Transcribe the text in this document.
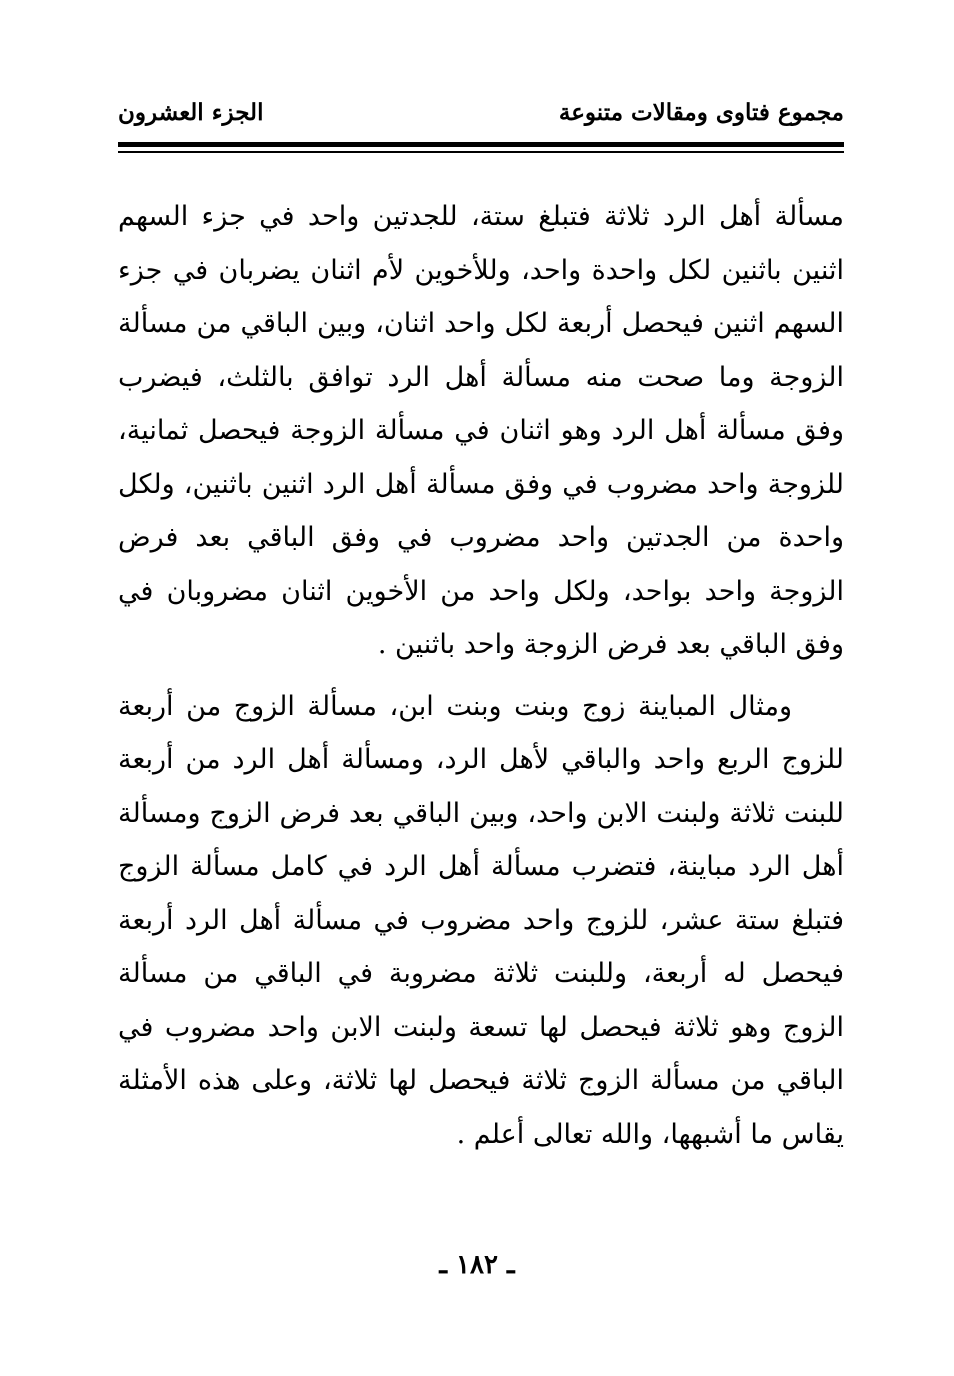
مجموع فتاوى ومقالات متنوعة
الجزء العشرون

مسألة أهل الرد ثلاثة فتبلغ ستة، للجدتين واحد في جزء السهم اثنين باثنين لكل واحدة واحد، وللأخوين لأم اثنان يضربان في جزء السهم اثنين فيحصل أربعة لكل واحد اثنان، وبين الباقي من مسألة الزوجة وما صحت منه مسألة أهل الرد توافق بالثلث، فيضرب وفق مسألة أهل الرد وهو اثنان في مسألة الزوجة فيحصل ثمانية، للزوجة واحد مضروب في وفق مسألة أهل الرد اثنين باثنين، ولكل واحدة من الجدتين واحد مضروب في وفق الباقي بعد فرض الزوجة واحد بواحد، ولكل واحد من الأخوين اثنان مضروبان في وفق الباقي بعد فرض الزوجة واحد باثنين .

ومثال المباينة زوج وبنت وبنت ابن، مسألة الزوج من أربعة للزوج الربع واحد والباقي لأهل الرد، ومسألة أهل الرد من أربعة للبنت ثلاثة ولبنت الابن واحد، وبين الباقي بعد فرض الزوج ومسألة أهل الرد مباينة، فتضرب مسألة أهل الرد في كامل مسألة الزوج فتبلغ ستة عشر، للزوج واحد مضروب في مسألة أهل الرد أربعة فيحصل له أربعة، وللبنت ثلاثة مضروبة في الباقي من مسألة الزوج وهو ثلاثة فيحصل لها تسعة ولبنت الابن واحد مضروب في الباقي من مسألة الزوج ثلاثة فيحصل لها ثلاثة، وعلى هذه الأمثلة يقاس ما أشبهها، والله تعالى أعلم .

ـ ١٨٢ ـ
